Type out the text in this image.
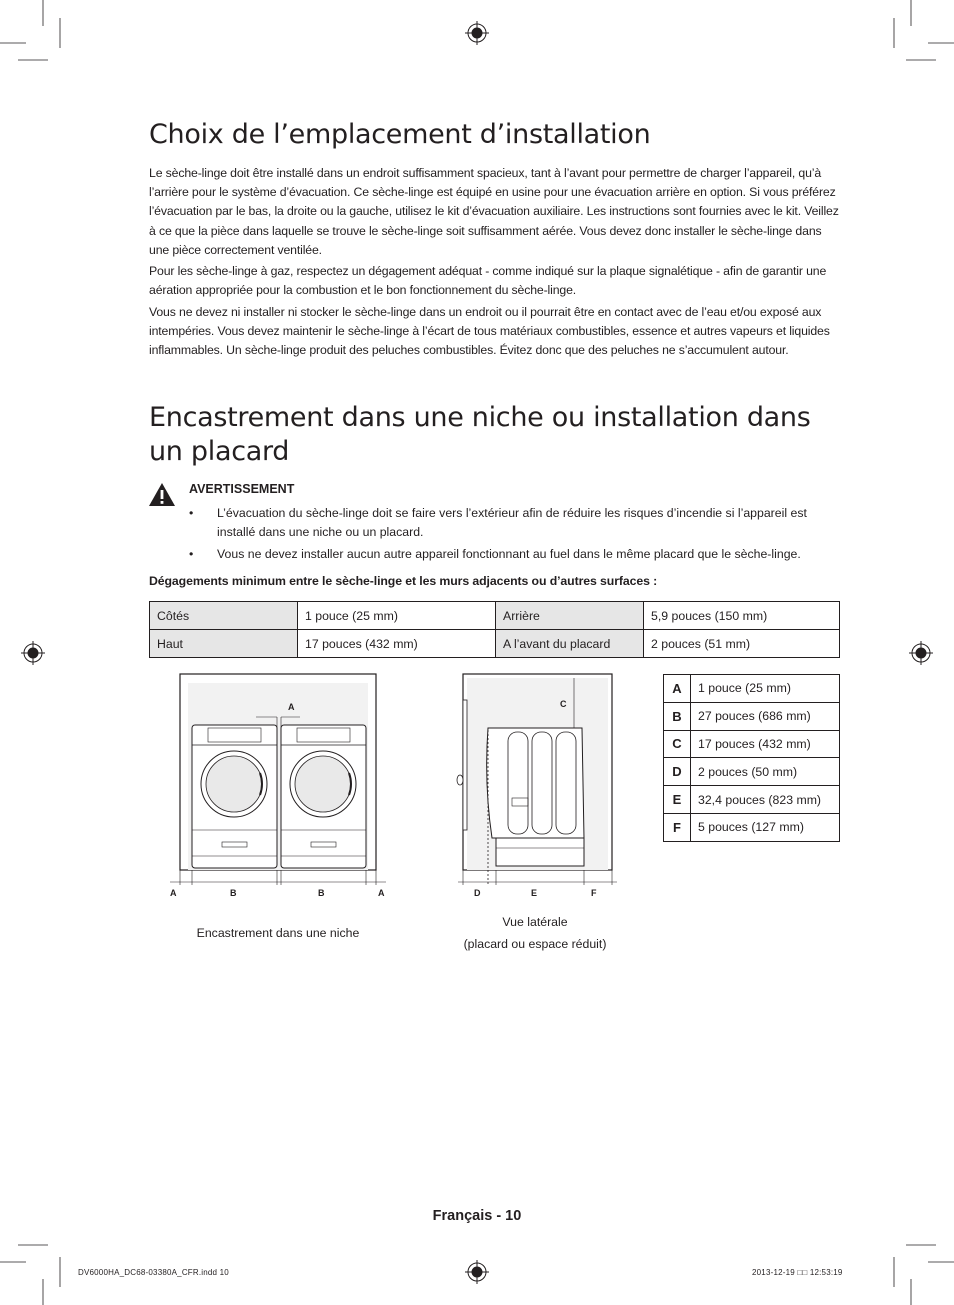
Choix de l’emplacement d’installation

Le sèche-linge doit être installé dans un endroit suffisamment spacieux, tant à l’avant pour permettre de charger l’appareil, qu’à l’arrière pour le système d’évacuation. Ce sèche-linge est équipé en usine pour une évacuation arrière en option. Si vous préférez l’évacuation par le bas, la droite ou la gauche, utilisez le kit d’évacuation auxiliaire. Les instructions sont fournies avec le kit. Veillez à ce que la pièce dans laquelle se trouve le sèche-linge soit suffisamment aérée. Vous devez donc installer le sèche-linge dans une pièce correctement ventilée.

Pour les sèche-linge à gaz, respectez un dégagement adéquat - comme indiqué sur la plaque signalétique - afin de garantir une aération appropriée pour la combustion et le bon fonctionnement du sèche-linge.

Vous ne devez ni installer ni stocker le sèche-linge dans un endroit ou il pourrait être en contact avec de l’eau et/ou exposé aux intempéries. Vous devez maintenir le sèche-linge à l’écart de tous matériaux combustibles, essence et autres vapeurs et liquides inflammables. Un sèche-linge produit des peluches combustibles. Évitez donc que des peluches ne s’accumulent autour.

Encastrement dans une niche ou installation dans un placard
AVERTISSEMENT
• L’évacuation du sèche-linge doit se faire vers l’extérieur afin de réduire les risques d’incendie si l’appareil est installé dans une niche ou un placard.
• Vous ne devez installer aucun autre appareil fonctionnant au fuel dans le même placard que le sèche-linge.
Dégagements minimum entre le sèche-linge et les murs adjacents ou d’autres surfaces :
Côtés	1 pouce (25 mm)	Arrière	5,9 pouces (150 mm)
Haut	17 pouces (432 mm)	A l’avant du placard	2 pouces (51 mm)
A
A	B	B	A
C
D	E	F
Encastrement dans une niche
Vue latérale
(placard ou espace réduit)
A	1 pouce (25 mm)
B	27 pouces (686 mm)
C	17 pouces (432 mm)
D	2 pouces (50 mm)
E	32,4 pouces (823 mm)
F	5 pouces (127 mm)
Français - 10
DV6000HA_DC68-03380A_CFR.indd 10	2013-12-19 □□ 12:53:19
